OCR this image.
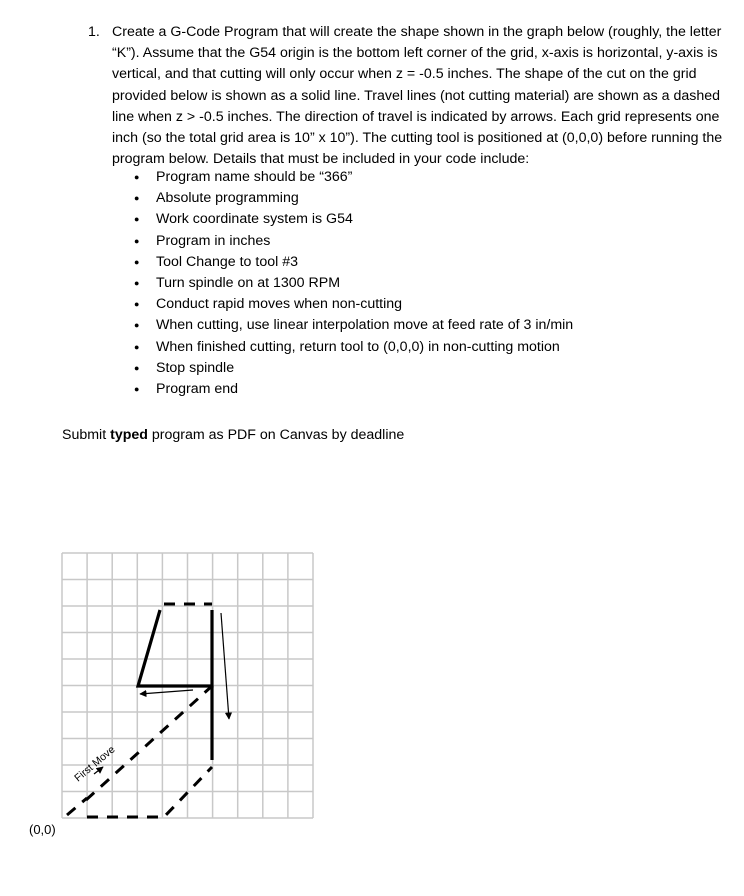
1. Create a G-Code Program that will create the shape shown in the graph below (roughly, the letter “K”). Assume that the G54 origin is the bottom left corner of the grid, x-axis is horizontal, y-axis is vertical, and that cutting will only occur when z = -0.5 inches. The shape of the cut on the grid provided below is shown as a solid line. Travel lines (not cutting material) are shown as a dashed line when z > -0.5 inches. The direction of travel is indicated by arrows. Each grid represents one inch (so the total grid area is 10” x 10”). The cutting tool is positioned at (0,0,0) before running the program below. Details that must be included in your code include:
● Program name should be “366”
● Absolute programming
● Work coordinate system is G54
● Program in inches
● Tool Change to tool #3
● Turn spindle on at 1300 RPM
● Conduct rapid moves when non-cutting
● When cutting, use linear interpolation move at feed rate of 3 in/min
● When finished cutting, return tool to (0,0,0) in non-cutting motion
● Stop spindle
● Program end
Submit typed program as PDF on Canvas by deadline
First Move
(0,0)
